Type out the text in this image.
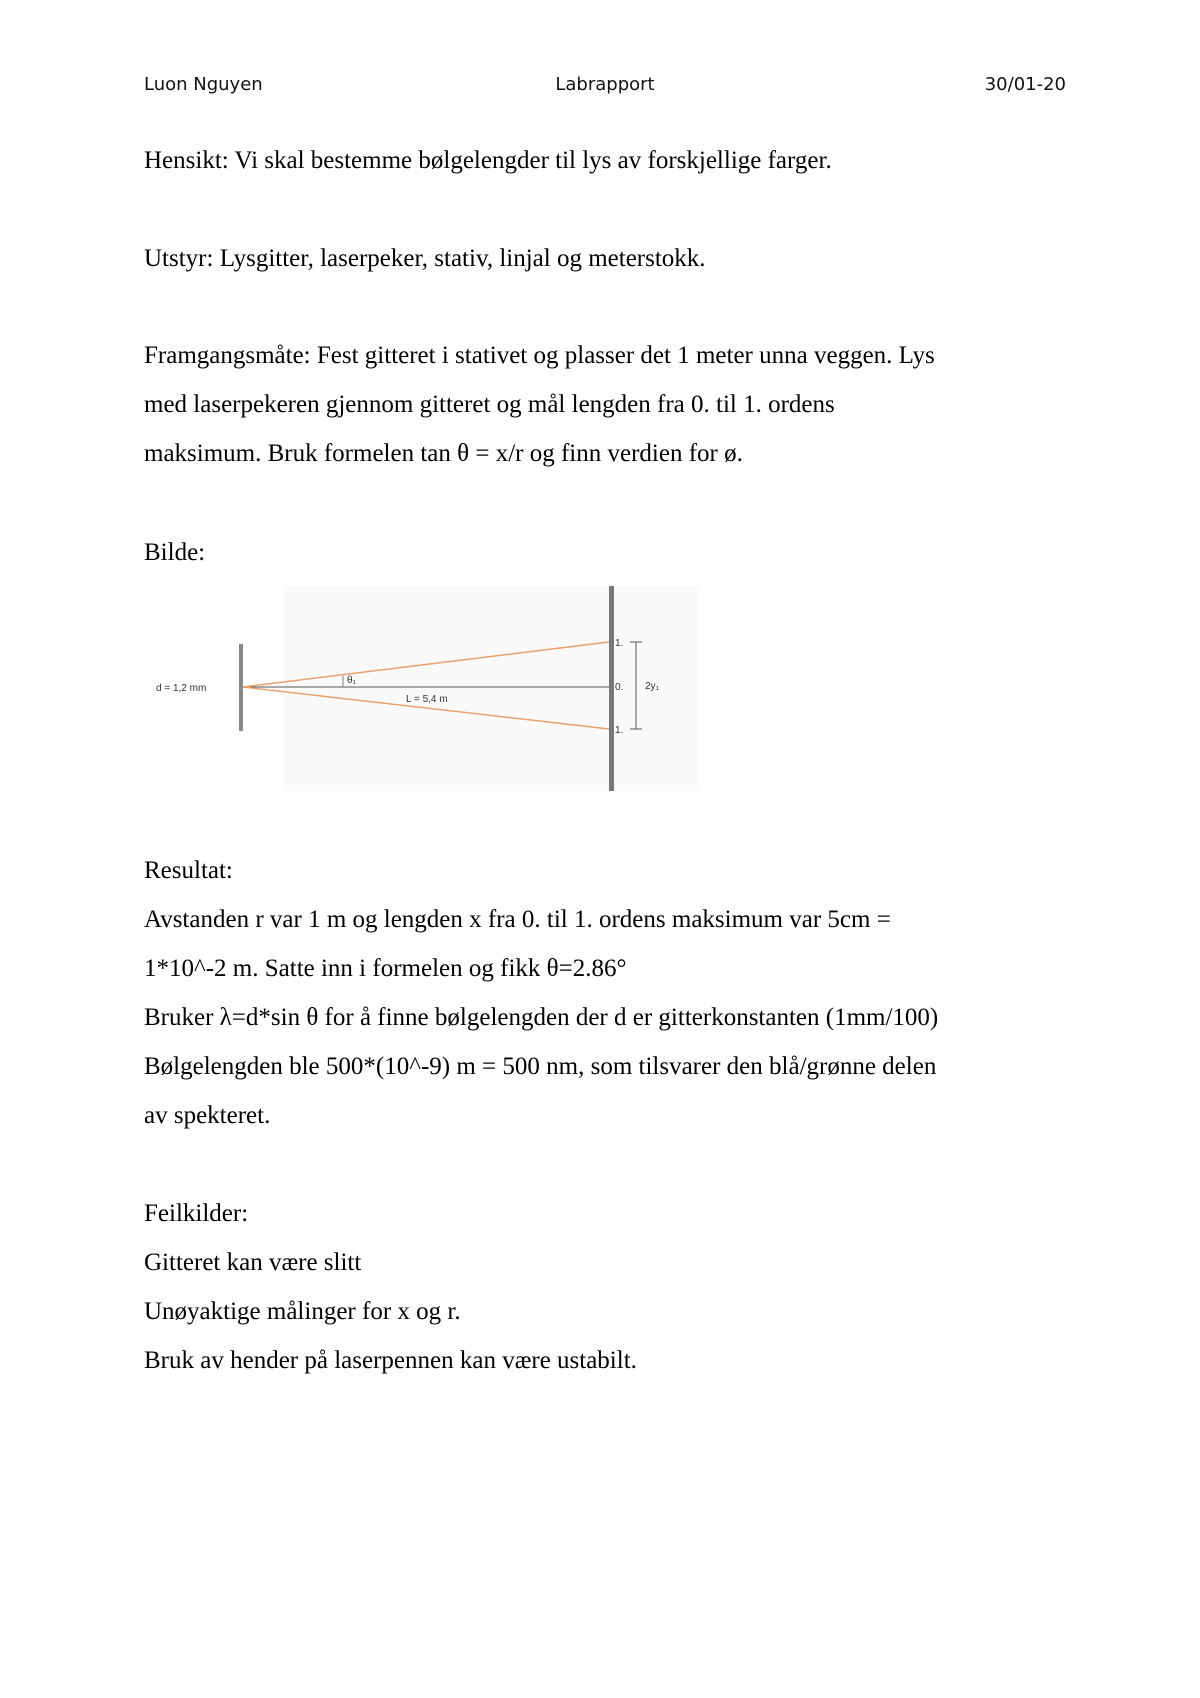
Luon Nguyen	Labrapport	30/01-20

Hensikt: Vi skal bestemme bølgelengder til lys av forskjellige farger.

Utstyr: Lysgitter, laserpeker, stativ, linjal og meterstokk.

Framgangsmåte: Fest gitteret i stativet og plasser det 1 meter unna veggen. Lys

med laserpekeren gjennom gitteret og mål lengden fra 0. til 1. ordens

maksimum. Bruk formelen tan θ = x/r og finn verdien for ø.

Bilde:

d = 1,2 mm
θ₁
L = 5,4 m
1.
0.
1.
2y₁

Resultat:

Avstanden r var 1 m og lengden x fra 0. til 1. ordens maksimum var 5cm =

1*10^-2 m. Satte inn i formelen og fikk θ=2.86°

Bruker λ=d*sin θ for å finne bølgelengden der d er gitterkonstanten (1mm/100)

Bølgelengden ble 500*(10^-9) m = 500 nm, som tilsvarer den blå/grønne delen

av spekteret.

Feilkilder:

Gitteret kan være slitt

Unøyaktige målinger for x og r.

Bruk av hender på laserpennen kan være ustabilt.
